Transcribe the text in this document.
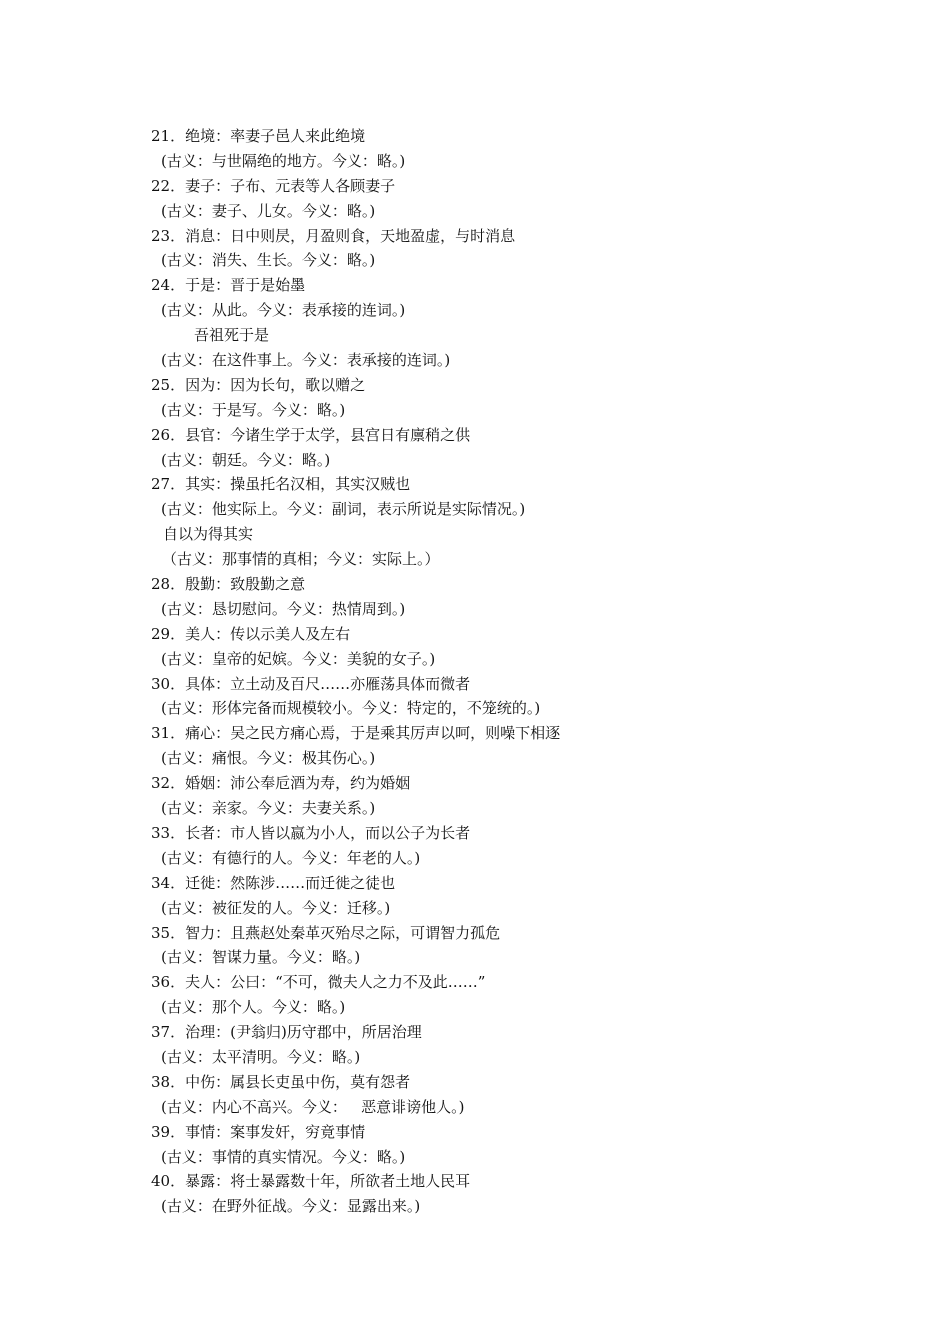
21．绝境：率妻子邑人来此绝境
(古义：与世隔绝的地方。今义：略。)
22．妻子：子布、元表等人各顾妻子
(古义：妻子、儿女。今义：略。)
23．消息：日中则昃，月盈则食，天地盈虚，与时消息
(古义：消失、生长。今义：略。)
24．于是：晋于是始墨
(古义：从此。今义：表承接的连词。)
吾祖死于是
(古义：在这件事上。今义：表承接的连词。)
25．因为：因为长句，歌以赠之
(古义：于是写。今义：略。)
26．县官：今诸生学于太学，县宫日有廪稍之供
(古义：朝廷。今义：略。)
27．其实：操虽托名汉相，其实汉贼也
(古义：他实际上。今义：副词，表示所说是实际情况。)
自以为得其实
（古义：那事情的真相；今义：实际上。）
28．殷勤：致殷勤之意
(古义：恳切慰问。今义：热情周到。)
29．美人：传以示美人及左右
(古义：皇帝的妃嫔。今义：美貌的女子。)
30．具体：立土动及百尺……亦雁荡具体而微者
(古义：形体完备而规模较小。今义：特定的，不笼统的。)
31．痛心：吴之民方痛心焉，于是乘其厉声以呵，则噪下相逐
(古义：痛恨。今义：极其伤心。)
32．婚姻：沛公奉卮酒为寿，约为婚姻
(古义：亲家。今义：夫妻关系。)
33．长者：市人皆以嬴为小人，而以公子为长者
(古义：有德行的人。今义：年老的人。)
34．迁徙：然陈涉……而迁徙之徒也
(古义：被征发的人。今义：迁移。)
35．智力：且燕赵处秦革灭殆尽之际，可谓智力孤危
(古义：智谋力量。今义：略。)
36．夫人：公曰：“不可，微夫人之力不及此……”
(古义：那个人。今义：略。)
37．治理：(尹翁归)历守郡中，所居治理
(古义：太平清明。今义：略。)
38．中伤：属县长吏虽中伤，莫有怨者
(古义：内心不高兴。今义：   恶意诽谤他人。)
39．事情：案事发奸，穷竟事情
(古义：事情的真实情况。今义：略。)
40．暴露：将士暴露数十年，所欲者土地人民耳
(古义：在野外征战。今义：显露出来。)
